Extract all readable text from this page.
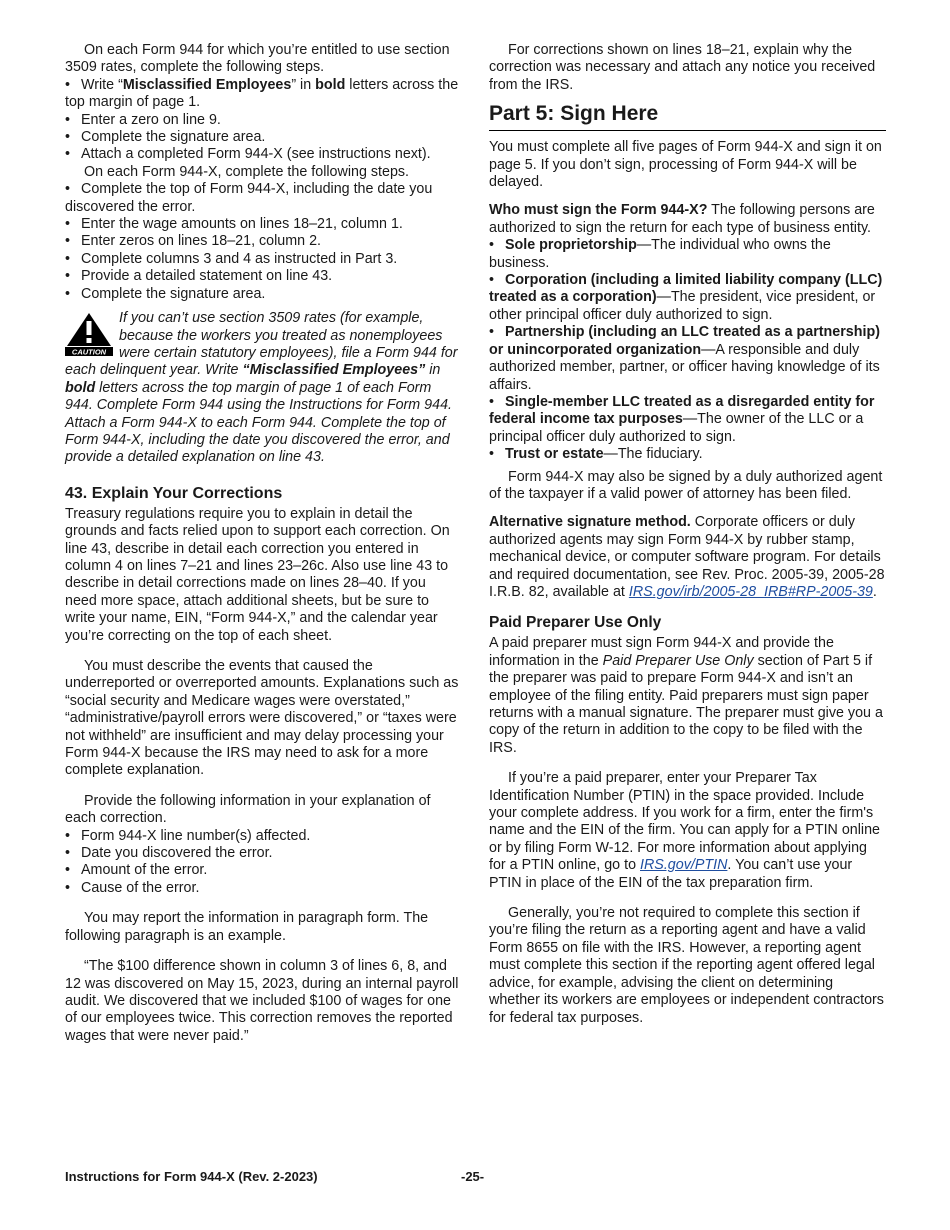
On each Form 944 for which you’re entitled to use section 3509 rates, complete the following steps.

• Write “Misclassified Employees” in bold letters across the top margin of page 1.
• Enter a zero on line 9.
• Complete the signature area.
• Attach a completed Form 944-X (see instructions next).

On each Form 944-X, complete the following steps.

• Complete the top of Form 944-X, including the date you discovered the error.
• Enter the wage amounts on lines 18–21, column 1.
• Enter zeros on lines 18–21, column 2.
• Complete columns 3 and 4 as instructed in Part 3.
• Provide a detailed statement on line 43.
• Complete the signature area.
CAUTION
If you can’t use section 3509 rates (for example, because the workers you treated as nonemployees were certain statutory employees), file a Form 944 for each delinquent year. Write “Misclassified Employees” in bold letters across the top margin of page 1 of each Form 944. Complete Form 944 using the Instructions for Form 944. Attach a Form 944-X to each Form 944. Complete the top of Form 944-X, including the date you discovered the error, and provide a detailed explanation on line 43.
43. Explain Your Corrections

Treasury regulations require you to explain in detail the grounds and facts relied upon to support each correction. On line 43, describe in detail each correction you entered in column 4 on lines 7–21 and lines 23–26c. Also use line 43 to describe in detail corrections made on lines 28–40. If you need more space, attach additional sheets, but be sure to write your name, EIN, “Form 944-X,” and the calendar year you’re correcting on the top of each sheet.

You must describe the events that caused the underreported or overreported amounts. Explanations such as “social security and Medicare wages were overstated,” “administrative/payroll errors were discovered,” or “taxes were not withheld” are insufficient and may delay processing your Form 944-X because the IRS may need to ask for a more complete explanation.

Provide the following information in your explanation of each correction.

• Form 944-X line number(s) affected.
• Date you discovered the error.
• Amount of the error.
• Cause of the error.

You may report the information in paragraph form. The following paragraph is an example.

“The $100 difference shown in column 3 of lines 6, 8, and 12 was discovered on May 15, 2023, during an internal payroll audit. We discovered that we included $100 of wages for one of our employees twice. This correction removes the reported wages that were never paid.”

For corrections shown on lines 18–21, explain why the correction was necessary and attach any notice you received from the IRS.

Part 5: Sign Here

You must complete all five pages of Form 944-X and sign it on page 5. If you don’t sign, processing of Form 944-X will be delayed.

Who must sign the Form 944-X? The following persons are authorized to sign the return for each type of business entity.

• Sole proprietorship—The individual who owns the business.
• Corporation (including a limited liability company (LLC) treated as a corporation)—The president, vice president, or other principal officer duly authorized to sign.
• Partnership (including an LLC treated as a partnership) or unincorporated organization—A responsible and duly authorized member, partner, or officer having knowledge of its affairs.
• Single-member LLC treated as a disregarded entity for federal income tax purposes—The owner of the LLC or a principal officer duly authorized to sign.
• Trust or estate—The fiduciary.

Form 944-X may also be signed by a duly authorized agent of the taxpayer if a valid power of attorney has been filed.

Alternative signature method. Corporate officers or duly authorized agents may sign Form 944-X by rubber stamp, mechanical device, or computer software program. For details and required documentation, see Rev. Proc. 2005-39, 2005-28 I.R.B. 82, available at IRS.gov/irb/2005-28_IRB#RP-2005-39.

Paid Preparer Use Only

A paid preparer must sign Form 944-X and provide the information in the Paid Preparer Use Only section of Part 5 if the preparer was paid to prepare Form 944-X and isn’t an employee of the filing entity. Paid preparers must sign paper returns with a manual signature. The preparer must give you a copy of the return in addition to the copy to be filed with the IRS.

If you’re a paid preparer, enter your Preparer Tax Identification Number (PTIN) in the space provided. Include your complete address. If you work for a firm, enter the firm's name and the EIN of the firm. You can apply for a PTIN online or by filing Form W-12. For more information about applying for a PTIN online, go to IRS.gov/PTIN. You can’t use your PTIN in place of the EIN of the tax preparation firm.

Generally, you’re not required to complete this section if you’re filing the return as a reporting agent and have a valid Form 8655 on file with the IRS. However, a reporting agent must complete this section if the reporting agent offered legal advice, for example, advising the client on determining whether its workers are employees or independent contractors for federal tax purposes.

Instructions for Form 944-X (Rev. 2-2023)	-25-
